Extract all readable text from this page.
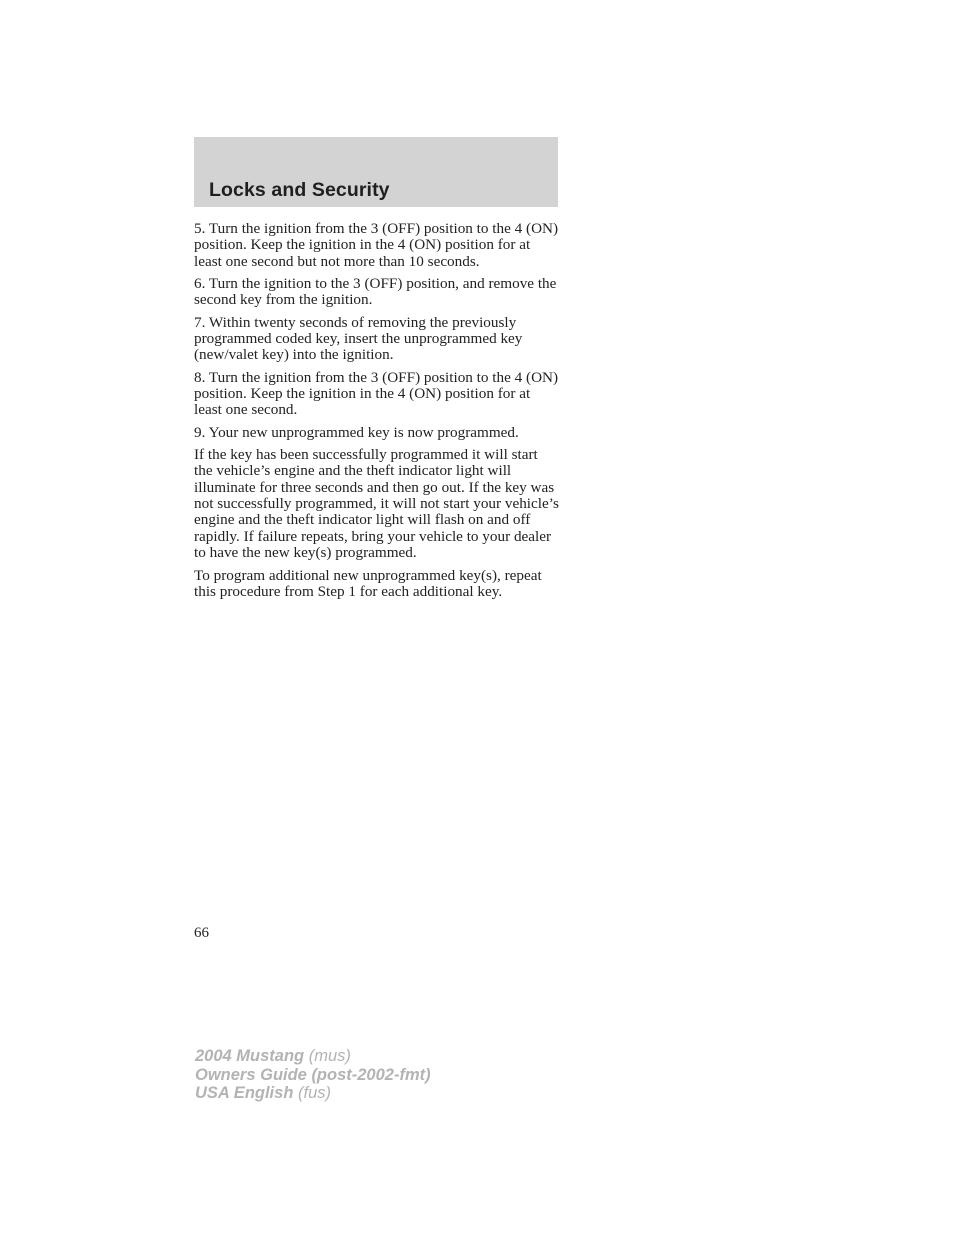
Locks and Security

5. Turn the ignition from the 3 (OFF) position to the 4 (ON) position. Keep the ignition in the 4 (ON) position for at least one second but not more than 10 seconds.

6. Turn the ignition to the 3 (OFF) position, and remove the second key from the ignition.

7. Within twenty seconds of removing the previously programmed coded key, insert the unprogrammed key (new/valet key) into the ignition.

8. Turn the ignition from the 3 (OFF) position to the 4 (ON) position. Keep the ignition in the 4 (ON) position for at least one second.

9. Your new unprogrammed key is now programmed.

If the key has been successfully programmed it will start the vehicle’s engine and the theft indicator light will illuminate for three seconds and then go out. If the key was not successfully programmed, it will not start your vehicle’s engine and the theft indicator light will flash on and off rapidly. If failure repeats, bring your vehicle to your dealer to have the new key(s) programmed.

To program additional new unprogrammed key(s), repeat this procedure from Step 1 for each additional key.

66
2004 Mustang (mus)
Owners Guide (post-2002-fmt)
USA English (fus)
